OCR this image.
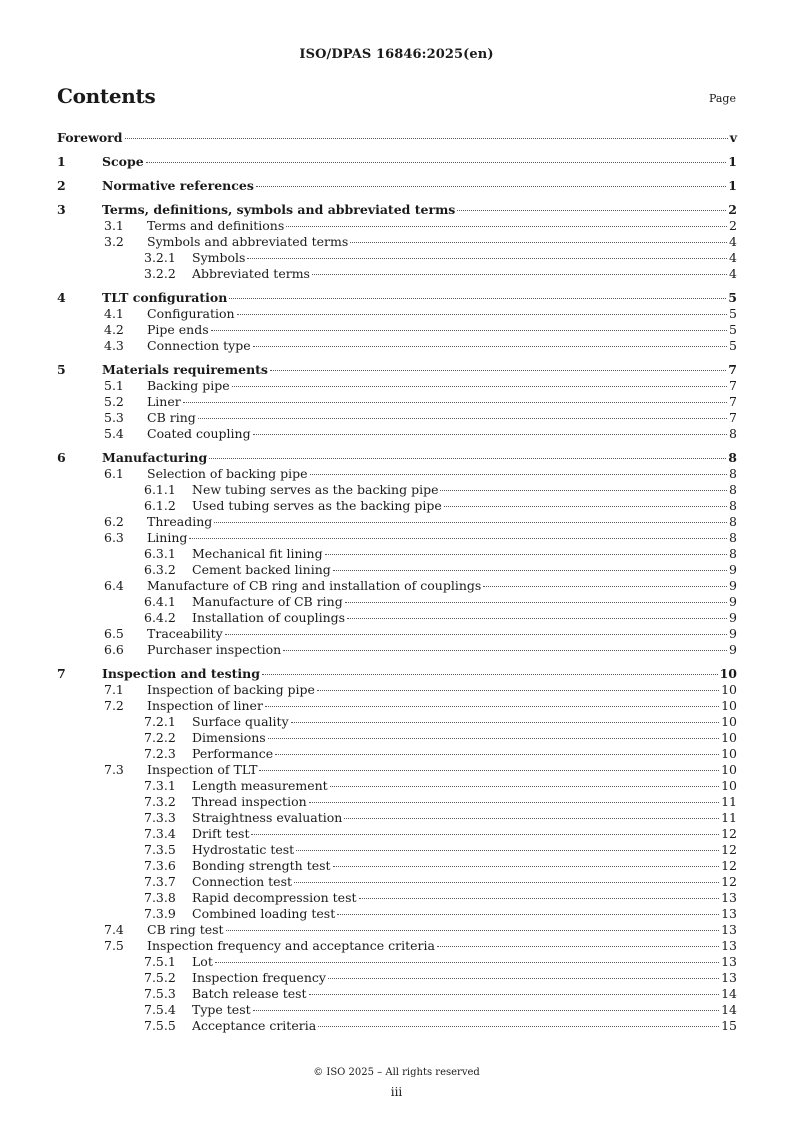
ISO/DPAS 16846:2025(en)
Contents	Page
Foreword	v
1	Scope	1
2	Normative references	1
3	Terms, definitions, symbols and abbreviated terms	2
3.1 Terms and definitions	2
3.2 Symbols and abbreviated terms	4
3.2.1 Symbols	4
3.2.2 Abbreviated terms	4
4	TLT configuration	5
4.1 Configuration	5
4.2 Pipe ends	5
4.3 Connection type	5
5	Materials requirements	7
5.1 Backing pipe	7
5.2 Liner	7
5.3 CB ring	7
5.4 Coated coupling	8
6	Manufacturing	8
6.1 Selection of backing pipe	8
6.1.1 New tubing serves as the backing pipe	8
6.1.2 Used tubing serves as the backing pipe	8
6.2 Threading	8
6.3 Lining	8
6.3.1 Mechanical fit lining	8
6.3.2 Cement backed lining	9
6.4 Manufacture of CB ring and installation of couplings	9
6.4.1 Manufacture of CB ring	9
6.4.2 Installation of couplings	9
6.5 Traceability	9
6.6 Purchaser inspection	9
7	Inspection and testing	10
7.1 Inspection of backing pipe	10
7.2 Inspection of liner	10
7.2.1 Surface quality	10
7.2.2 Dimensions	10
7.2.3 Performance	10
7.3 Inspection of TLT	10
7.3.1 Length measurement	10
7.3.2 Thread inspection	11
7.3.3 Straightness evaluation	11
7.3.4 Drift test	12
7.3.5 Hydrostatic test	12
7.3.6 Bonding strength test	12
7.3.7 Connection test	12
7.3.8 Rapid decompression test	13
7.3.9 Combined loading test	13
7.4 CB ring test	13
7.5 Inspection frequency and acceptance criteria	13
7.5.1 Lot	13
7.5.2 Inspection frequency	13
7.5.3 Batch release test	14
7.5.4 Type test	14
7.5.5 Acceptance criteria	15
© ISO 2025 – All rights reserved
iii
